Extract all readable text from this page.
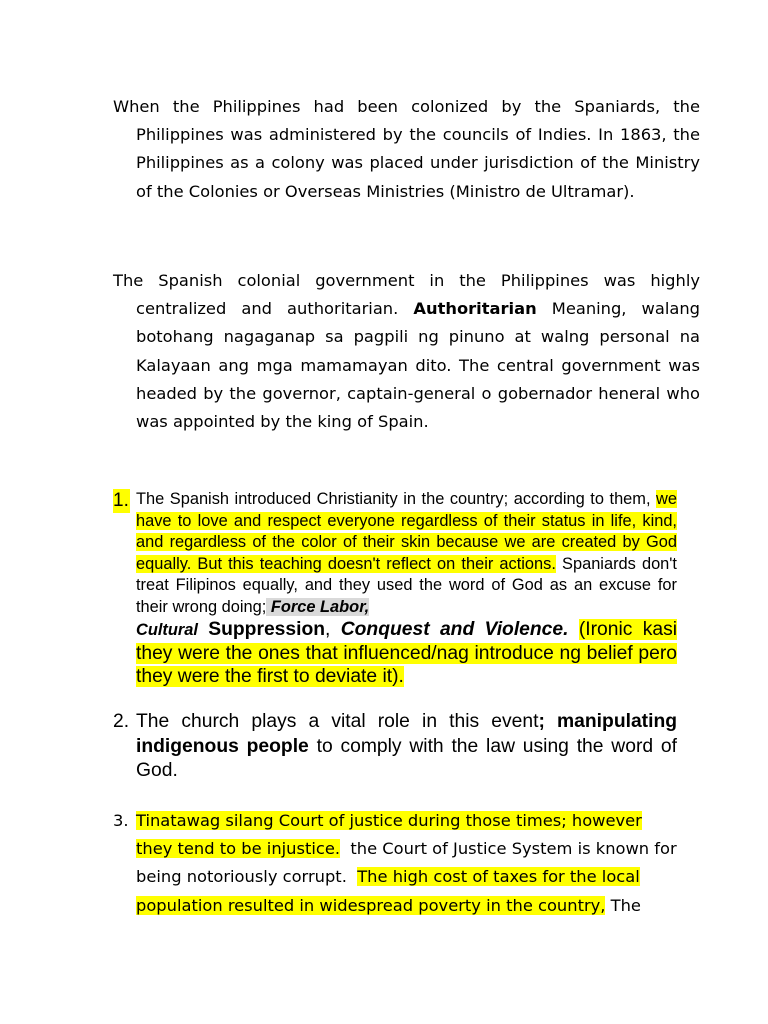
When the Philippines had been colonized by the Spaniards, the Philippines was administered by the councils of Indies. In 1863, the Philippines as a colony was placed under jurisdiction of the Ministry of the Colonies or Overseas Ministries (Ministro de Ultramar).

The Spanish colonial government in the Philippines was highly centralized and authoritarian. Authoritarian Meaning, walang botohang nagaganap sa pagpili ng pinuno at walng personal na Kalayaan ang mga mamamayan dito. The central government was headed by the governor, captain-general o gobernador heneral who was appointed by the king of Spain.

1. The Spanish introduced Christianity in the country; according to them, we have to love and respect everyone regardless of their status in life, kind, and regardless of the color of their skin because we are created by God equally. But this teaching doesn't reflect on their actions. Spaniards don't treat Filipinos equally, and they used the word of God as an excuse for their wrong doing; Force Labor,
Cultural Suppression, Conquest and Violence. (Ironic kasi they were the ones that influenced/nag introduce ng belief pero they were the first to deviate it).
2. The church plays a vital role in this event; manipulating indigenous people to comply with the law using the word of God.
3. Tinatawag silang Court of justice during those times; however they tend to be injustice.  the Court of Justice System is known for being notoriously corrupt.  The high cost of taxes for the local population resulted in widespread poverty in the country, The
